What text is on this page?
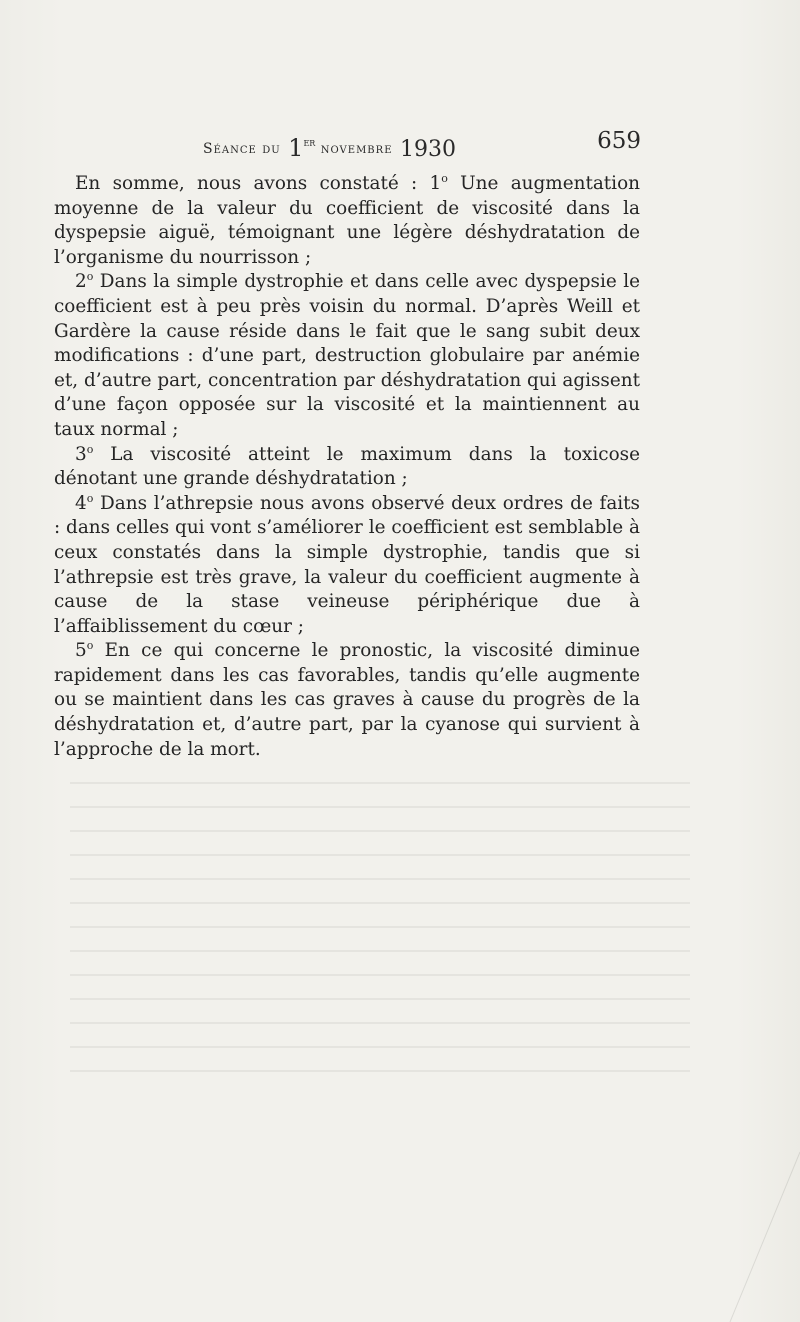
Séance du 1er novembre 1930	659

En somme, nous avons constaté : 1$^o$ Une augmentation moyenne de la valeur du coefficient de viscosité dans la dyspepsie aiguë, témoignant une légère déshydratation de l’organisme du nourrisson ;

2$^o$ Dans la simple dystrophie et dans celle avec dyspepsie le coefficient est à peu près voisin du normal. D’après Weill et Gardère la cause réside dans le fait que le sang subit deux modifications : d’une part, destruction globulaire par anémie et, d’autre part, concentration par déshydratation qui agissent d’une façon opposée sur la viscosité et la maintiennent au taux normal ;

3$^o$ La viscosité atteint le maximum dans la toxicose dénotant une grande déshydratation ;

4$^o$ Dans l’athrepsie nous avons observé deux ordres de faits : dans celles qui vont s’améliorer le coefficient est semblable à ceux constatés dans la simple dystrophie, tandis que si l’athrepsie est très grave, la valeur du coefficient augmente à cause de la stase veineuse périphérique due à l’affaiblissement du cœur ;

5$^o$ En ce qui concerne le pronostic, la viscosité diminue rapidement dans les cas favorables, tandis qu’elle augmente ou se maintient dans les cas graves à cause du progrès de la déshydratation et, d’autre part, par la cyanose qui survient à l’approche de la mort.
